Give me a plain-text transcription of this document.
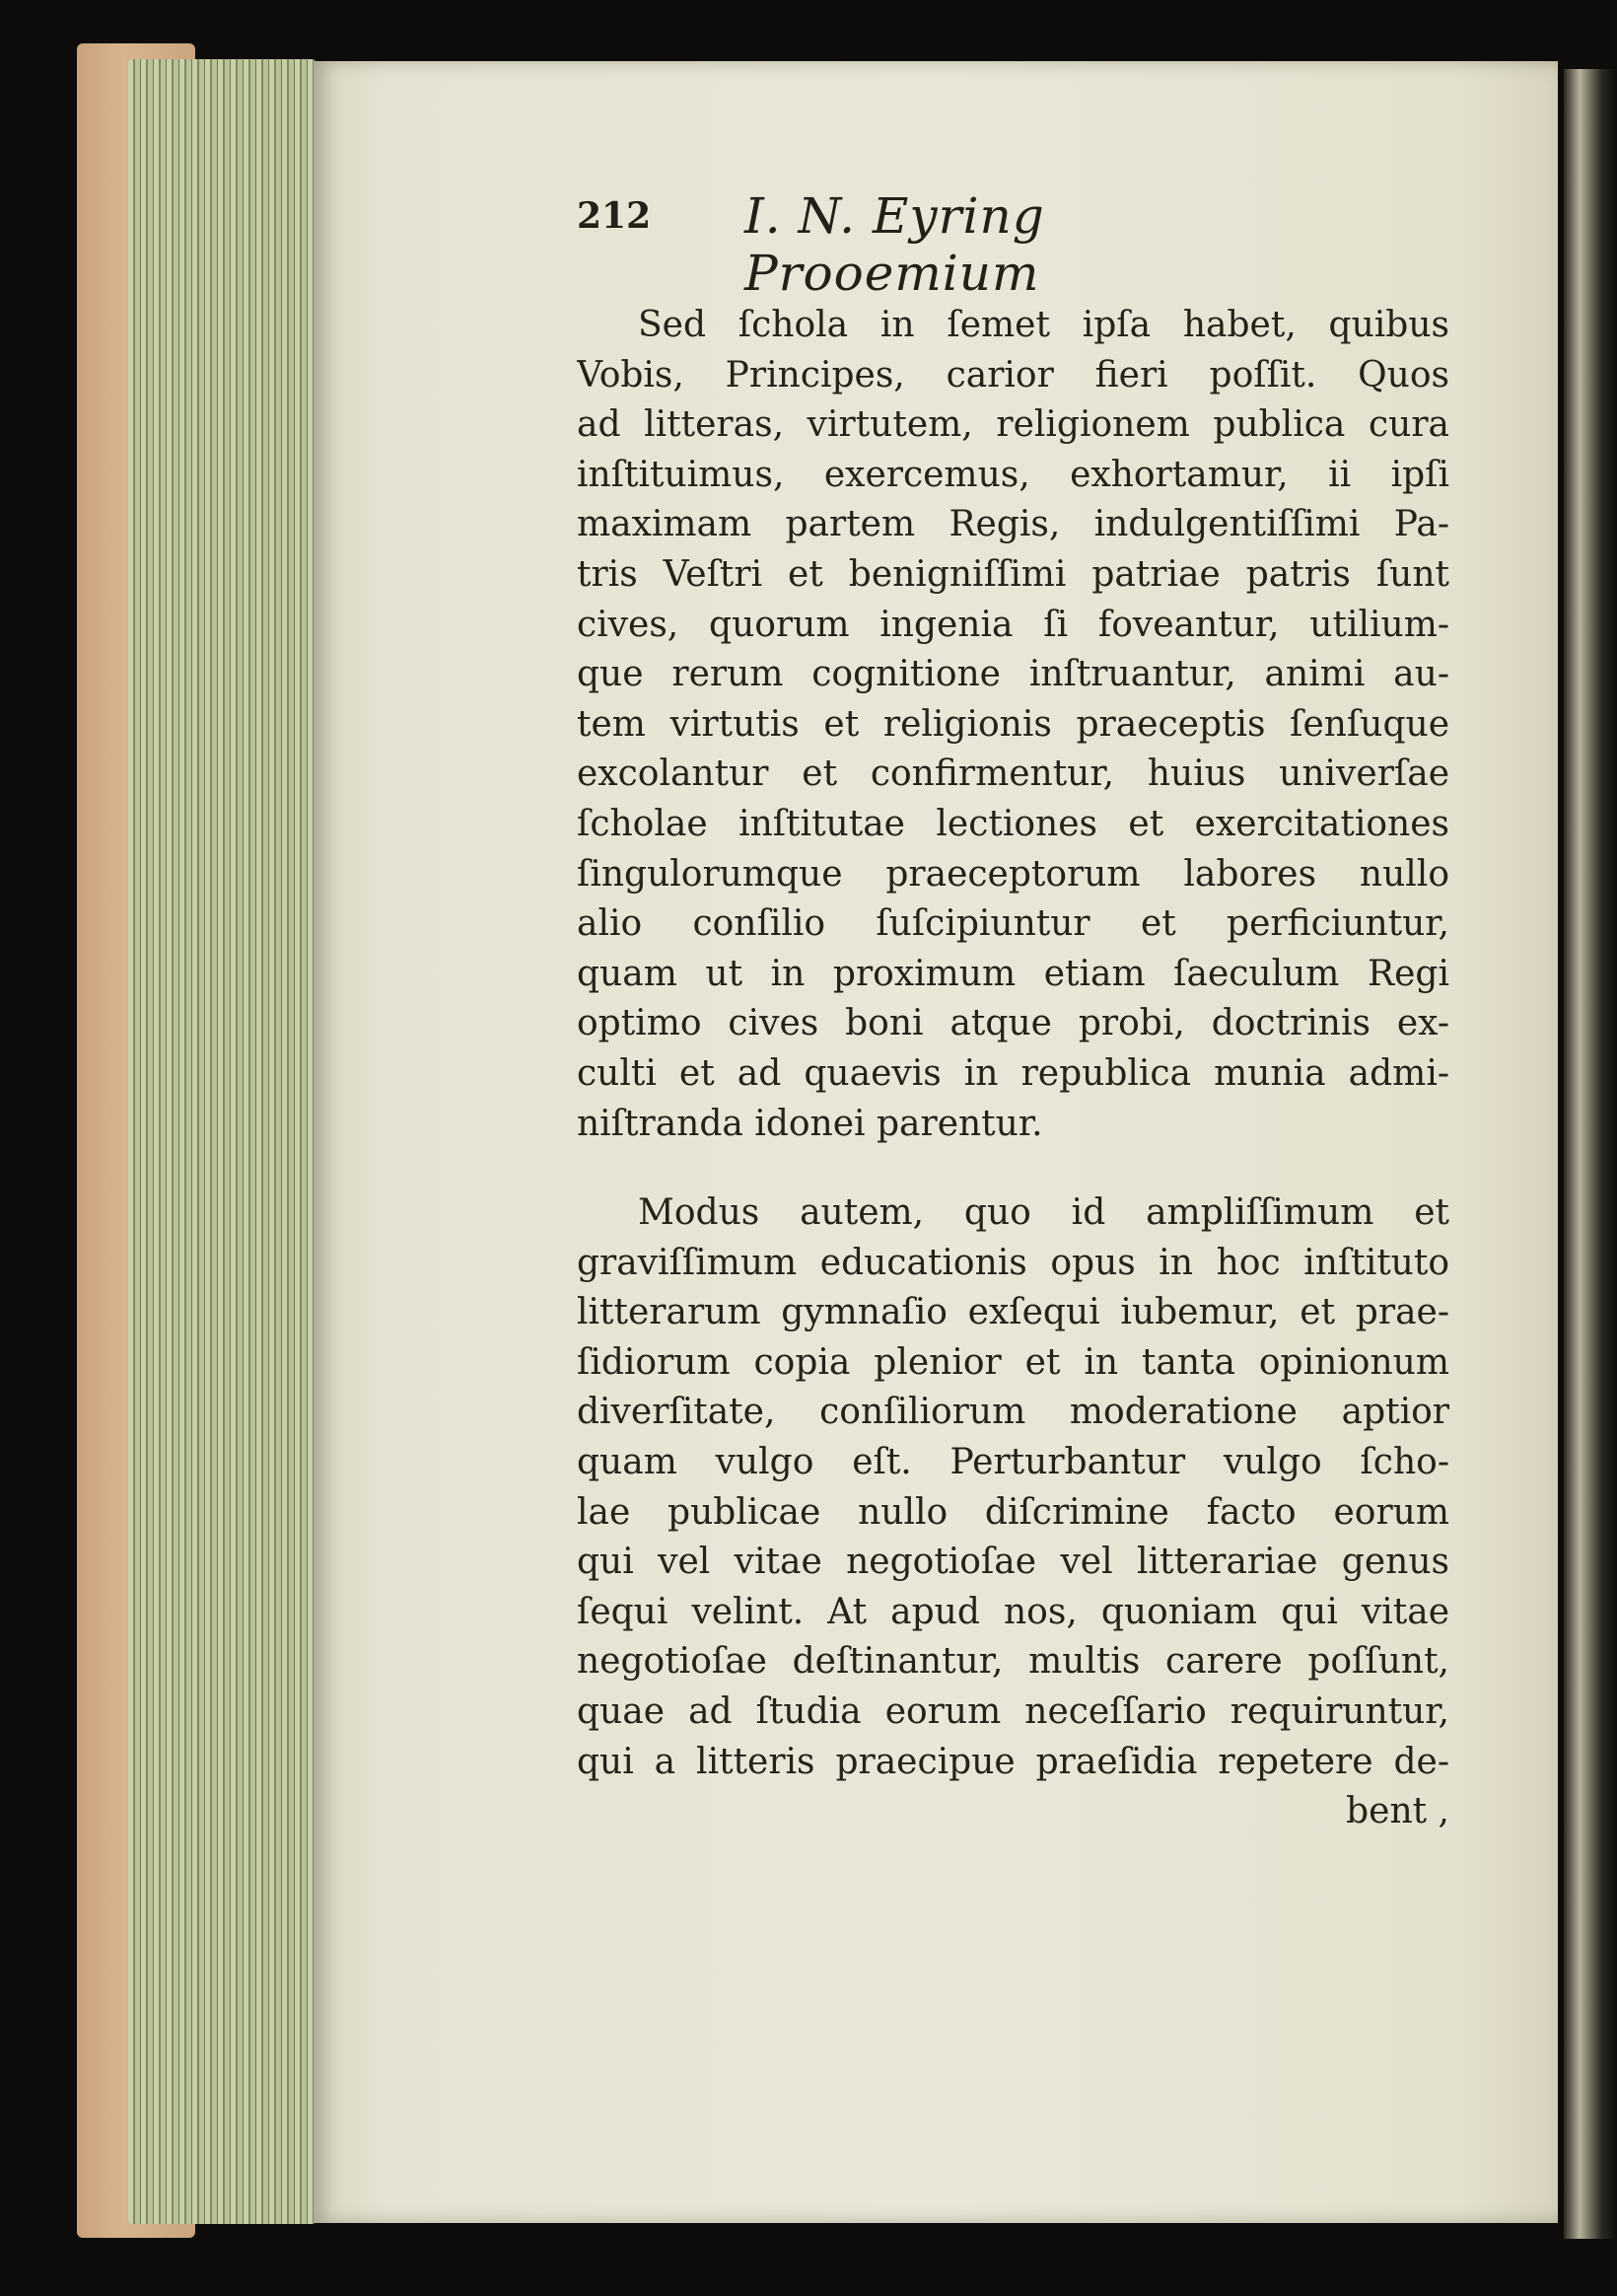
212 I. N. Eyring Prooemium
Sed ſchola in ſemet ipſa habet, quibus
Vobis, Principes, carior fieri poſſit. Quos
ad litteras, virtutem, religionem publica cura
inſtituimus, exercemus, exhortamur, ii ipſi
maximam partem Regis, indulgentiſſimi Pa-
tris Veſtri et benigniſſimi patriae patris ſunt
cives, quorum ingenia ſi foveantur, utilium-
que rerum cognitione inſtruantur, animi au-
tem virtutis et religionis praeceptis ſenſuque
excolantur et confirmentur, huius univerſae
ſcholae inſtitutae lectiones et exercitationes
ſingulorumque praeceptorum labores nullo
alio conſilio ſuſcipiuntur et perficiuntur,
quam ut in proximum etiam ſaeculum Regi
optimo cives boni atque probi, doctrinis ex-
culti et ad quaevis in republica munia admi-
niſtranda idonei parentur.
Modus autem, quo id ampliſſimum et
graviſſimum educationis opus in hoc inſtituto
litterarum gymnaſio exſequi iubemur, et prae-
ſidiorum copia plenior et in tanta opinionum
diverſitate, conſiliorum moderatione aptior
quam vulgo eſt. Perturbantur vulgo ſcho-
lae publicae nullo diſcrimine facto eorum
qui vel vitae negotioſae vel litterariae genus
ſequi velint. At apud nos, quoniam qui vitae
negotioſae deſtinantur, multis carere poſſunt,
quae ad ſtudia eorum neceſſario requiruntur,
qui a litteris praecipue praeſidia repetere de-
bent ,
